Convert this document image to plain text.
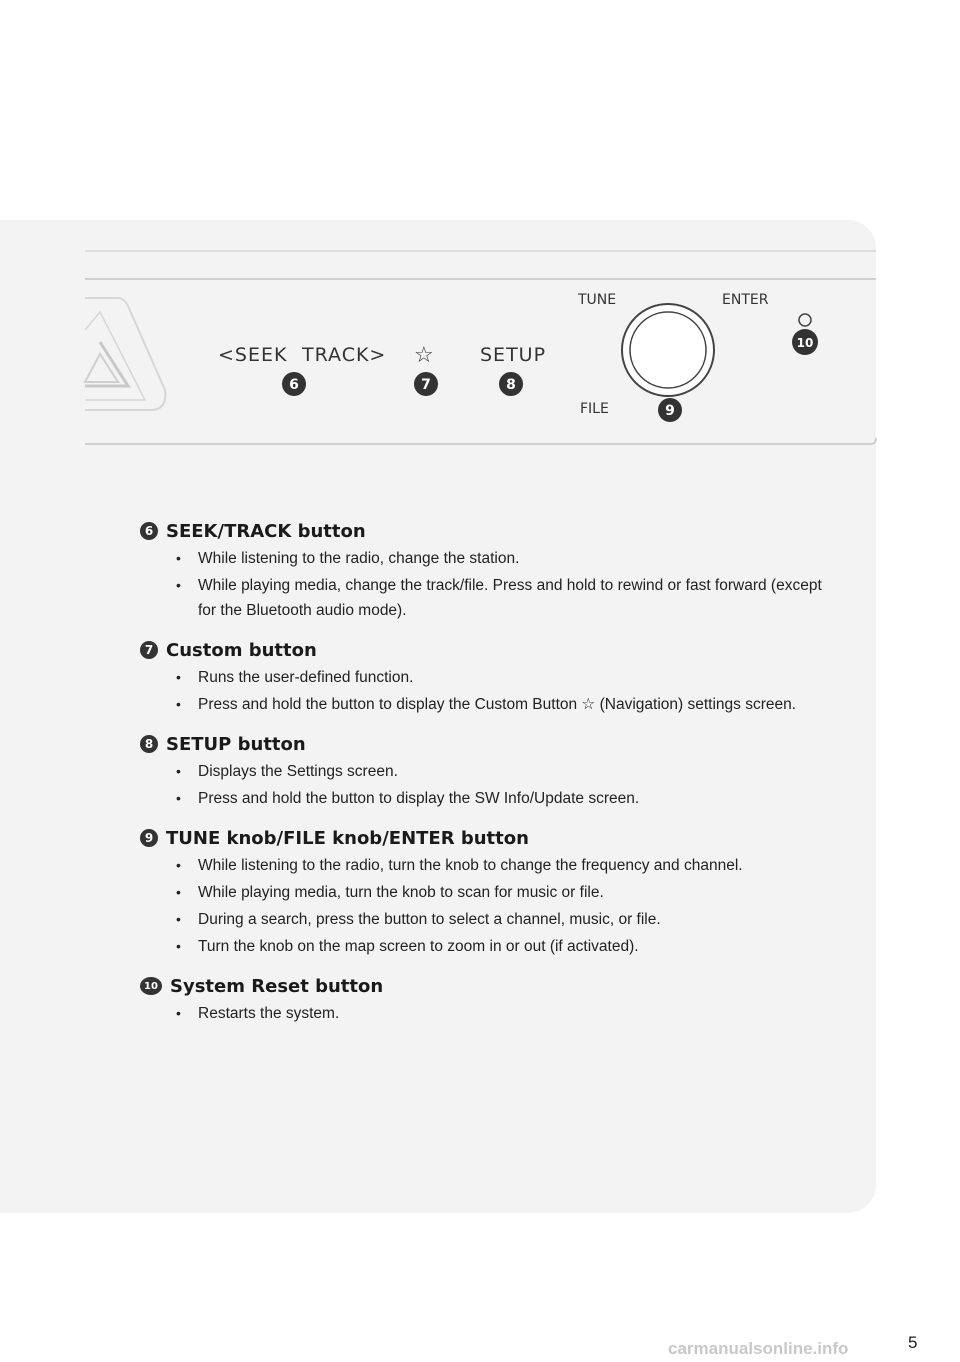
<SEEK TRACK> ☆ SETUP
TUNE	ENTER
FILE
6	7	8
9
10
6 SEEK/TRACK button
• While listening to the radio, change the station.
• While playing media, change the track/file. Press and hold to rewind or fast forward (except for the Bluetooth audio mode).
7 Custom button
• Runs the user-defined function.
• Press and hold the button to display the Custom Button ☆ (Navigation) settings screen.
8 SETUP button
• Displays the Settings screen.
• Press and hold the button to display the SW Info/Update screen.
9 TUNE knob/FILE knob/ENTER button
• While listening to the radio, turn the knob to change the frequency and channel.
• While playing media, turn the knob to scan for music or file.
• During a search, press the button to select a channel, music, or file.
• Turn the knob on the map screen to zoom in or out (if activated).
10 System Reset button
• Restarts the system.
5
carmanualsonline.info
